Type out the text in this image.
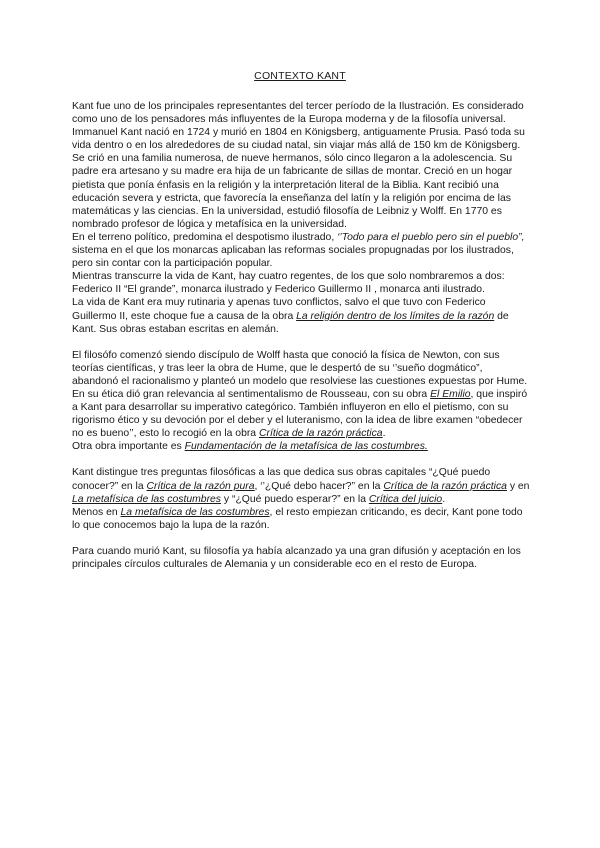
CONTEXTO KANT

Kant fue uno de los principales representantes del tercer período de la Ilustración. Es considerado como uno de los pensadores más influyentes de la Europa moderna y de la filosofía universal.

Immanuel Kant nació en 1724 y murió en 1804 en Königsberg, antiguamente Prusia. Pasó toda su vida dentro o en los alrededores de su ciudad natal, sin viajar más allá de 150 km de Königsberg. Se crió en una familia numerosa, de nueve hermanos, sólo cinco llegaron a la adolescencia. Su padre era artesano y su madre era hija de un fabricante de sillas de montar. Creció en un hogar pietista que ponía énfasis en la religión y la interpretación literal de la Biblia. Kant recibió una educación severa y estricta, que favorecía la enseñanza del latín y la religión por encima de las matemáticas y las ciencias. En la universidad, estudió filosofía de Leibniz y Wolff. En 1770 es nombrado profesor de lógica y metafísica en la universidad.

En el terreno político, predomina el despotismo ilustrado, ‘’Todo para el pueblo pero sin el pueblo”, sistema en el que los monarcas aplicaban las reformas sociales propugnadas por los ilustrados, pero sin contar con la participación popular.

Mientras transcurre la vida de Kant, hay cuatro regentes, de los que solo nombraremos a dos: Federico II “El grande”, monarca ilustrado y Federico Guillermo II , monarca anti ilustrado.

La vida de Kant era muy rutinaria y apenas tuvo conflictos, salvo el que tuvo con Federico Guillermo II, este choque fue a causa de la obra La religión dentro de los límites de la razón de Kant. Sus obras estaban escritas en alemán.

El filosófo comenzó siendo discípulo de Wolff hasta que conoció la física de Newton, con sus teorías científicas, y tras leer la obra de Hume, que le despertó de su ‘’sueño dogmático”, abandonó el racionalismo y planteó un modelo que resolviese las cuestiones expuestas por Hume.

En su ética dió gran relevancia al sentimentalismo de Rousseau, con su obra El Emilio, que inspiró a Kant para desarrollar su imperativo categórico. También influyeron en ello el pietismo, con su rigorismo ético y su devoción por el deber y el luteranismo, con la idea de libre examen “obedecer no es bueno’’, esto lo recogió en la obra Crítica de la razón práctica.

Otra obra importante es Fundamentación de la metafísica de las costumbres.

Kant distingue tres preguntas filosóficas a las que dedica sus obras capitales “¿Qué puedo conocer?” en la Crítica de la razón pura, ‘’¿Qué debo hacer?” en la Crítica de la razón práctica y en La metafísica de las costumbres y “¿Qué puedo esperar?” en la Crítica del juicio.

Menos en La metafísica de las costumbres, el resto empiezan criticando, es decir, Kant pone todo lo que conocemos bajo la lupa de la razón.

Para cuando murió Kant, su filosofía ya había alcanzado ya una gran difusión y aceptación en los principales círculos culturales de Alemania y un considerable eco en el resto de Europa.
